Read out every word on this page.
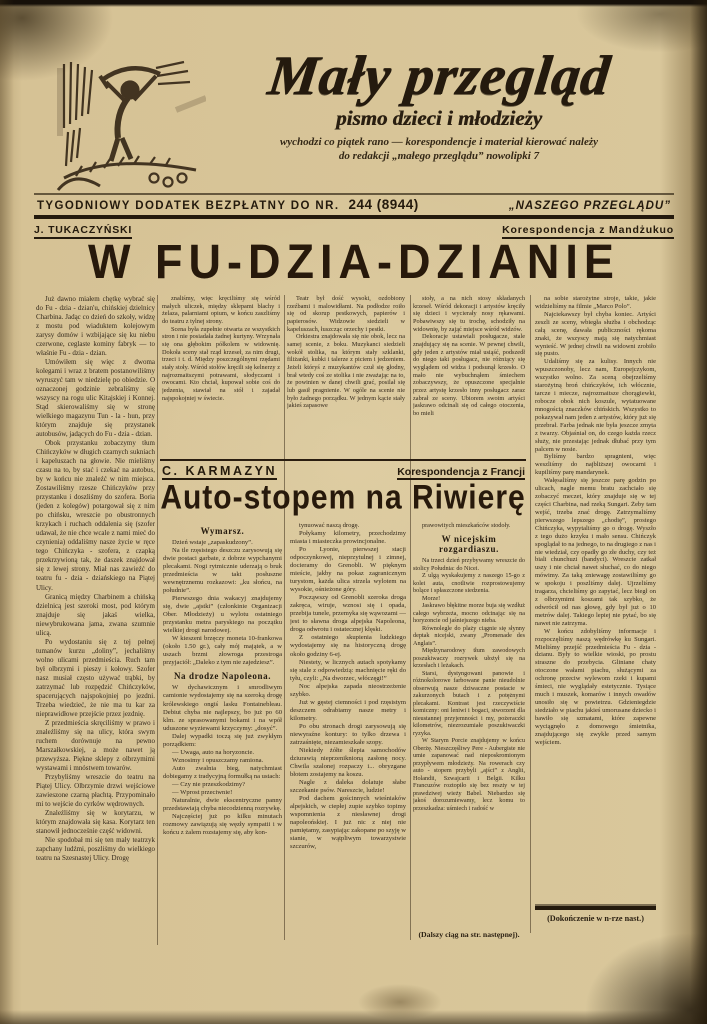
Mały przegląd
pismo dzieci i młodzieży
wychodzi co piątek rano — korespondencje i materiał kierować należy
do redakcji „małego przeglądu” nowolipki 7
TYGODNIOWY DODATEK BEZPŁATNY DO NR. 244 (8944)	„NASZEGO PRZEGLĄDU”
J. TUKACZYŃSKI	Korespondencja z Mandżukuo
W FU-DZIA-DZIANIE

Już dawno miałem chętkę wybrać się do Fu - dzia - dzian'u, chińskiej dzielnicy Charbina. Jadąc co dzień do szkoły, widzę z mostu pod wiaduktem kolejowym zarysy domów i wzbijające się ku niebu czerwone, ceglaste kominy fabryk — to właśnie Fu - dzia - dzian.

Umówiłem się więc z dwoma kolegami i wraz z bratem postanowiliśmy wyruszyć tam w niedzielę po obiedzie. O oznaczonej godzinie zebraliśmy się wszyscy na rogu ulic Kitajskiej i Konnej. Stąd skierowaliśmy się w stronę wielkiego magazynu Tun - la - hun, przy którym znajduje się przystanek autobusów, jadących do Fu - dzia - dzian.

Obok przystanku zobaczymy tłum Chińczyków w długich czarnych sukniach i kapeluszach na głowie. Nie mieliśmy czasu na to, by stać i czekać na autobus, by w końcu nie znaleźć w nim miejsca. Zostawiliśmy rzesze Chińczyków przy przystanku i doszliśmy do szofera. Boria (jeden z kolegów) potargował się z nim po chińsku, wreszcie po obustronnych krzykach i ruchach oddalenia się (szofer udawał, że nie chce wcale z nami mieć do czynienia) oddaliśmy nasze życie w ręce tego Chińczyka - szofera, z czapką przekrzywioną tak, że daszek znajdował się z lewej strony. Miał nas zawieźć do teatru fu - dzia - dziańskiego na Piątej Ulicy.

Granicą między Charbinem a chińską dzielnicą jest szeroki most, pod którym znajduje się jakaś wielka, niewybrukowana jama, zwana szumnie ulicą.

Po wydostaniu się z tej pełnej tumanów kurzu „doliny”, jechaliśmy wolno ulicami przedmieścia. Ruch tam był olbrzymi i pieszy i kołowy. Szofer nasz musiał często używać trąbki, by zatrzymać lub rozpędzić Chińczyków, spacerujących najspokojniej po jezdni. Trzeba wiedzieć, że nie ma tu kar za nieprawidłowe przejście przez jezdnię.

Z przedmieścia skręciliśmy w prawo i znaleźliśmy się na ulicy, która swym ruchem dorównuje na pewno Marszałkowskiej, a może nawet ją przewyższa. Piękne sklepy z olbrzymimi wystawami i mnóstwem towarów.

Przybyliśmy wreszcie do teatru na Piątej Ulicy. Olbrzymie drzwi wejściowe zawieszone czarną płachtą. Przypominało mi to wejście do cyrków wędrownych.

Znaleźliśmy się w korytarzu, w którym znajdowała się kasa. Korytarz ten stanowił jednocześnie część widowni.

Nie spodobał mi się ten mały teatrzyk zapchany ludźmi, poszliśmy do wielkiego teatru na Szesnastej Ulicy. Drogę

znaliśmy, więc kręciliśmy się wśród małych uliczek, między sklepami blachy i żelaza, palarniami opium, w końcu zaszliśmy do teatru z tylnej strony.

Scena była zupełnie otwarta ze wszystkich stron i nie posiadała żadnej kurtyny. Wrzynała się ona głębokim półkolem w widownię. Dokoła sceny stał rząd krzeseł, za nim drugi, trzeci i t. d. Między poszczególnymi rzędami stały stoły. Wśród stołów kręcili się kelnerzy z najrozmaitszymi potrawami, słodyczami i owocami. Kto chciał, kupował sobie coś do jedzenia, stawiał na stół i zajadał najspokojniej w świecie.

Teatr był dość wysoki, ozdobiony rzeźbami i malowidłami. Na podłodze roiło się od skorup pestkowych, papierów i papierosów. Widzowie siedzieli w kapeluszach, łuszcząc orzechy i pestki.

Orkiestra znajdowała się nie obok, lecz na samej scenie, z boku. Muzykanci siedzieli wokół stolika, na którym stały szklanki, filiżanki, kubki i talerze z piciem i jedzeniem. Jeżeli któryś z muzykantów czuł się głodny, brał wtedy coś ze stolika i nie zważając na to, że powinien w danej chwili grać, posilał się lub gasił pragnienie. W ogóle na scenie nie było żadnego porządku. W jednym kącie stały jakieś zapasowe

stoły, a na nich stosy składanych krzeseł. Wśród dekoracji i artystów kręciły się dzieci i wycierały nosy rękawami. Pobawiwszy się tu trochę, schodziły na widownię, by zająć miejsce wśród widzów.

Dekoracje ustawiali posługacze, stale znajdujący się na scenie. W pewnej chwili, gdy jeden z artystów miał usiąść, podszedł do niego taki posługacz, nie różniący się wyglądem od widza i podsunął krzesło. O mało nie wybuchnąłem śmiechem zobaczywszy, że opuszczone specjalnie przez artystę krzesło inny posługacz zaraz zabrał ze sceny. Ubiorem swoim artyści jaskrawo odcinali się od całego otoczenia, bo mieli

na sobie starożytne stroje, takie, jakie widzieliśmy na filmie „Marco Polo”.

Najciekawszy był chyba koniec. Artyści zeszli ze sceny, wbiegła służba i obchodząc całą scenę, dawała publiczności rękoma znaki, że wszyscy mają się natychmiast wynieść. W jednej chwili na widowni zrobiło się pusto.

Udaliśmy się za kulisy. Innych nie wpuszczonoby, lecz nam, Europejczykom, wszystko wolno. Za sceną obejrzeliśmy starożytną broń chińczyków, ich włócznie, tarcze i miecze, najrozmaitsze chorągiewki, robocze obok nich koszule, wytatuowane mnogością znaczków chińskich. Wszystko to pokazywał nam jeden z artystów, który już się przebrał. Farba jednak nie była jeszcze zmyta z twarzy. Objaśniał on, do czego każda rzecz służy, nie przestając jednak dłubać przy tym palcem w nosie.

Byliśmy bardzo spragnieni, więc weszliśmy do najbliższej owocarni i kupiliśmy parę mandarynek.

Wałęsaliśmy się jeszcze parę godzin po ulicach, nagle memu bratu zachciało się zobaczyć meczet, który znajduje się w tej części Charbina, nad rzeką Sungari. Żeby tam wejść, trzeba znać drogę. Zatrzymaliśmy pierwszego lepszego „chodię”, prostego Chińczyka, wypytaliśmy go o drogę. Wyszło z tego dużo krzyku i mało sensu. Chińczyk spoglądał to na jednego, to na drugiego z nas i nie wiedział, czy opadły go złe duchy, czy też biali chunchuzi (bandyci). Wreszcie zatkał uszy i nie chciał nawet słuchać, co do niego mówimy. Za taką zniewagę zostawiliśmy go w spokoju i poszliśmy dalej. Ujrzeliśmy tragarza, chcieliśmy go zapytać, lecz biegł on z olbrzymimi koszami tak szybko, że odwrócił od nas głowę, gdy był już o 10 metrów dalej. Takiego lepiej nie pytać, bo się nawet nie zatrzyma.

W końcu zdobyliśmy informacje i rozpoczęliśmy naszą wędrówkę ku Sungari. Mieliśmy przejść przedmieścia Fu - dzia - dzianu. Były to wielkie wioski, po prostu straszne do przebycia. Gliniane chaty otoczone wałami piachu, służącymi za ochronę przeciw wylewom rzeki i kupami śmieci, nie wyglądały estetycznie. Tysiące much i muszek, komarów i innych owadów unosiło się w powietrzu. Gdzieniegdzie siedziało w piachu jakieś umorusane dziecko i bawiło się szmatami, które zapewne wyciągnęło z domowego śmietnika, znajdującego się zwykle przed samym wejściem.

C. KARMAZYN	Korespondencja z Francji
Auto-stopem na Riwierę

Wymarsz.

Dzień wstaje „zapaskudzony”.

Na tle rzęsistego deszczu zarysowują się dwie postaci garbate, z dobrze wypchanymi plecakami. Nogi rytmicznie uderzają o bruk przedmieścia w takt posłuszne wewnętrznemu rozkazowi: „ku słońcu, na południe”.

Pierwszego dnia wakacyj znajdujemy się, dwie „ajstki” (członkinie Organizacji Ober. Młodzieży) u wylotu ostatniego przystanku metra paryskiego na początku wielkiej drogi narodowej.

W kieszeni brzęczy moneta 10-frankowa (około 1.50 gr.), cały mój majątek, a w uszach brzmi złowroga przestroga przyjaciół: „Daleko z tym nie zajedziesz”.

Na drodze Napoleona.

W dychawicznym i smrodliwym camionie wydostajemy się na szeroką drogę królewskiego ongiś lasku Fontainebleau. Debiut chyba nie najlepszy, bo już po 60 klm. ze sprasowanymi bokami i na wpół uduszone wyziewami krzyczymy: „dosyć”.

Dalej wypadki toczą się już zwykłym porządkiem:

— Uwaga, auto na horyzoncie.

Wznosimy i opuszczamy ramiona.

Auto zwalnia bieg, natychmiast dobiegamy z tradycyjną formułką na ustach:

— Czy nie przeszkodzimy?

— Wprost przeciwnie!

Naturalnie, dwie ekscentryczne panny przedstawiają chyba niecodzienną rozrywkę.

Najczęściej już po kilku minutach rozmowy zawiązują się węzły sympatii i w końcu z żalem rozstajemy się, aby kon-

tynuować naszą drogę.

Połykamy kilometry, przechodzimy miasta i miasteczka prowincjonalne.

Po Lyonie, pierwszej stacji odpoczynkowej, nieprzytulnej i zimnej, docieramy do Grenobli. W pięknym mieście, jakby na pokaz zagranicznym turystom, każda ulica strzela wylotem na wysokie, ośnieżone góry.

Począwszy od Grenobli szeroka droga zakręca, wiruje, wznosi się i opada, przebija tunele, przemyka się wąwozami — jest to sławna droga alpejska Napoleona, droga odwrotu i ostatecznej klęski.

Z ostatniego skupienia ludzkiego wydostajemy się na historyczną drogę około godziny 6-ej.

Niestety, w licznych autach spotykamy się stale z odpowiedzią: machnięcie ręki do tyłu, czyli: „Na dworzec, włóczęgi!”

Noc alpejska zapada nieostrzeżenie szybko.

Już w gęstej ciemności i pod rzęsistym deszczem odrabiamy nasze metry i kilometry.

Po obu stronach drogi zarysowują się niewyraźne kontury: to tylko drzewa i zatrzaśnięte, niezamieszkałe szopy.

Niekiedy żółte ślepia samochodów dziurawią nieprzeniknioną zasłonę nocy. Chwila szalonej rozpaczy i... obryzgane błotem zostajemy na koszu.

Nagle z daleka dolatuje słabe szczekanie psów. Nareszcie, ludzie!

Pod dachem gościnnych wieśniaków alpejskich, w ciepłej zupie szybko topimy wspomnienia z niesławnej drogi napoleońskiej. I już nic z niej nie pamiętamy, zasypiając zakopane po szyję w sianie, w wątpliwym towarzystwie szczurów,

prawowitych mieszkańców stodoły.

W nicejskim rozgardiaszu.

Na trzeci dzień przybywamy wreszcie do stolicy Południa: do Nicei.

Z ulgą wyskakujemy z naszego 15-go z kolei auta, cnotliwie rozprostowujemy bolące i spłaszczone siedzenia.

Morze!

Jaskrawo błękitne morze buja się wzdłuż całego wybrzeża, mocno odcinając się na horyzoncie od jaśniejszego nieba.

Równolegle do plaży ciągnie się słynny deptak nicejski, zwany „Promenade des Anglais”.

Międzynarodowy tłum zawodowych poszukiwaczy rozrywek ułożył się na krzesłach i leżakach.

Starsi, dystyngowani panowie i różnokolorowe farbowane panie nieudolnie obserwują nasze dziwaczne postacie w zakurzonych butach i z potężnymi plecakami. Kontrast jest rzeczywiście komiczny: oni leniwi i bogaci, stworzeni dla nieustannej przyjemności i my, pożeraczki kilometrów, niezrozumiałe poszukiwaczki ryzyka.

W Starym Porcie znajdujemy w końcu Oberżę. Nieszczęśliwy Pere - Aubergiste nie umie zapanować nad nieposkromionym przypływem młodzieży. Na rowerach czy auto - stopem przybyli „ajści” z Anglii, Holandii, Szwajcarii i Belgii. Kilku Francuzów roztopiło się bez reszty w tej prawdziwej wieży Babel. Niebardzo się jakoś dorozumiewamy, lecz komu to przeszkadza: uśmiech i radość w

(Dalszy ciąg na str. następnej).
(Dokończenie w n-rze nast.)
